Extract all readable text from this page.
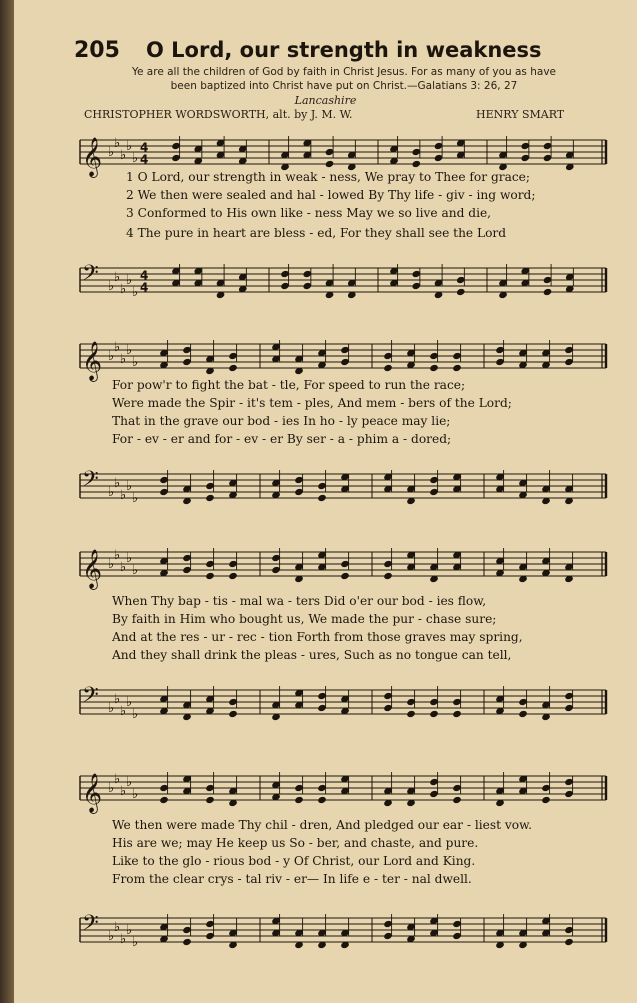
205 O Lord, our strength in weakness
Ye are all the children of God by faith in Christ Jesus. For as many of you as have
been baptized into Christ have put on Christ.—Galatians 3: 26, 27
Lancashire
CHRISTOPHER WORDSWORTH, alt. by J. M. W.	HENRY SMART
𝄞 ♭
♭
♭
♭
♭
4
4
1 O Lord, our strength in weak - ness, We pray to Thee for grace;
2 We then were sealed and hal - lowed By Thy life - giv - ing word;
3 Conformed to His own like - ness May we so live and die,
4 The pure in heart are bless - ed, For they shall see the Lord
𝄢 ♭
♭
♭
♭
♭
4
4
𝄞 ♭
♭
♭
♭
♭
For pow'r to fight the bat - tle, For speed to run the race;
Were made the Spir - it's tem - ples, And mem - bers of the Lord;
That in the grave our bod - ies In ho - ly peace may lie;
For - ev - er and for - ev - er By ser - a - phim a - dored;
𝄢 ♭
♭
♭
♭
♭
𝄞 ♭
♭
♭
♭
♭
When Thy bap - tis - mal wa - ters Did o'er our bod - ies flow,
By faith in Him who bought us, We made the pur - chase sure;
And at the res - ur - rec - tion Forth from those graves may spring,
And they shall drink the pleas - ures, Such as no tongue can tell,
𝄢 ♭
♭
♭
♭
♭
𝄞 ♭
♭
♭
♭
♭
We then were made Thy chil - dren, And pledged our ear - liest vow.
His are we; may He keep us So - ber, and chaste, and pure.
Like to the glo - rious bod - y Of Christ, our Lord and King.
From the clear crys - tal riv - er— In life e - ter - nal dwell.
𝄢 ♭
♭
♭
♭
♭
